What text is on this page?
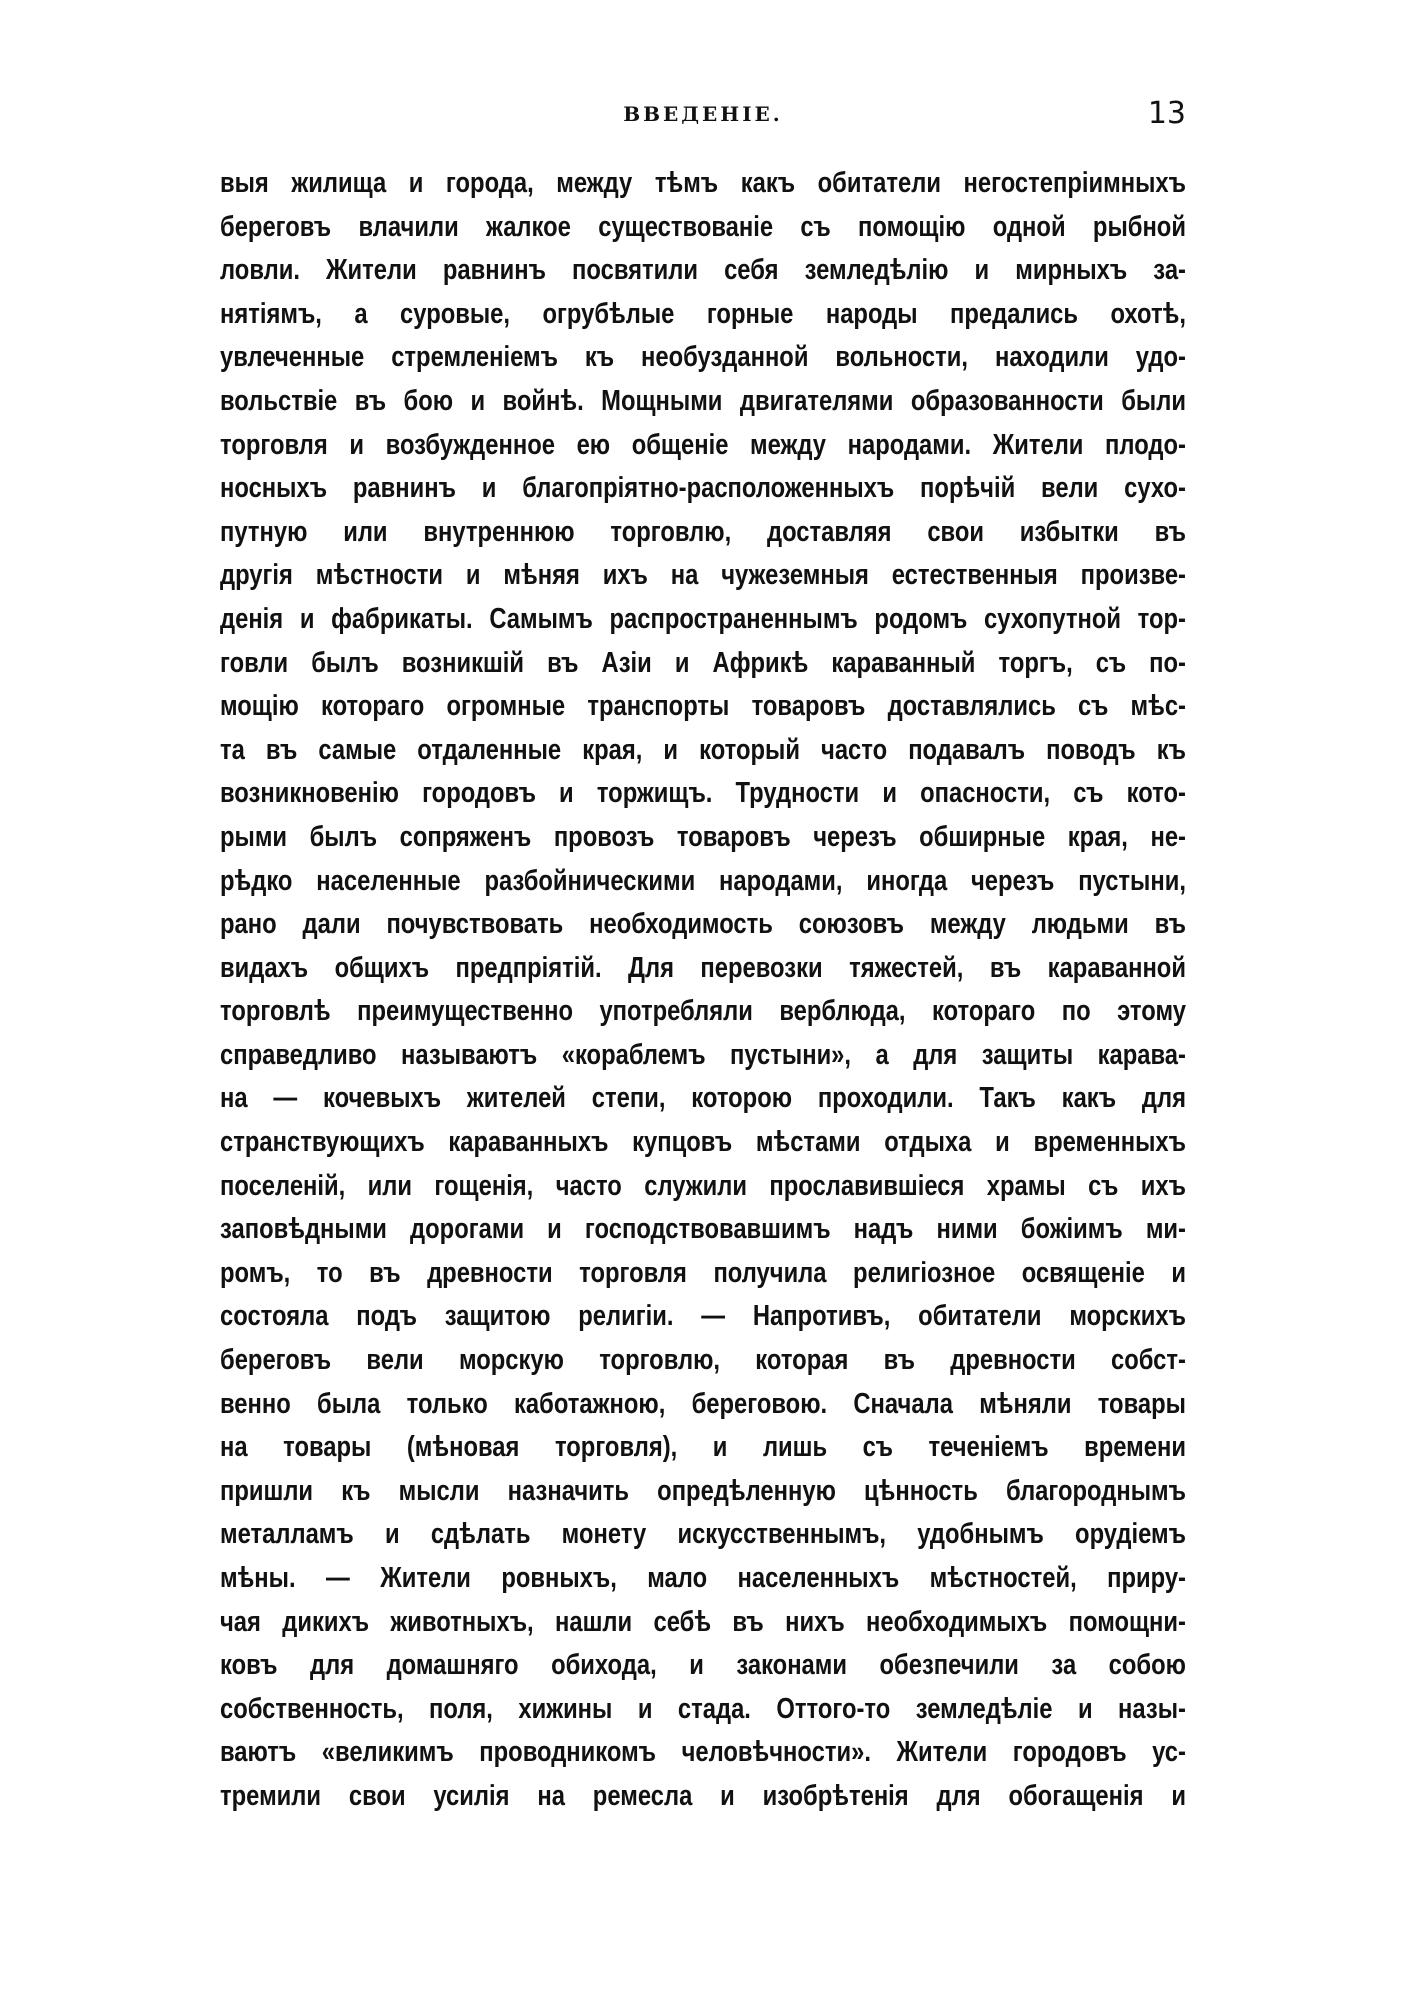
ВВЕДЕНІЕ.	13
выя жилища и города, между тѣмъ какъ обитатели негостепріимныхъ
береговъ влачили жалкое существованіе съ помощію одной рыбной
ловли. Жители равнинъ посвятили себя земледѣлію и мирныхъ за-
нятіямъ, а суровые, огрубѣлые горные народы предались охотѣ,
увлеченные стремленіемъ къ необузданной вольности, находили удо-
вольствіе въ бою и войнѣ. Мощными двигателями образованности были
торговля и возбужденное ею общеніе между народами. Жители плодо-
носныхъ равнинъ и благопріятно-расположенныхъ порѣчій вели сухо-
путную или внутреннюю торговлю, доставляя свои избытки въ
другія мѣстности и мѣняя ихъ на чужеземныя естественныя произве-
денія и фабрикаты. Самымъ распространеннымъ родомъ сухопутной тор-
говли былъ возникшій въ Азіи и Африкѣ караванный торгъ, съ по-
мощію котораго огромные транспорты товаровъ доставлялись съ мѣс-
та въ самые отдаленные края, и который часто подавалъ поводъ къ
возникновенію городовъ и торжищъ. Трудности и опасности, съ кото-
рыми былъ сопряженъ провозъ товаровъ черезъ обширные края, не-
рѣдко населенные разбойническими народами, иногда черезъ пустыни,
рано дали почувствовать необходимость союзовъ между людьми въ
видахъ общихъ предпріятій. Для перевозки тяжестей, въ караванной
торговлѣ преимущественно употребляли верблюда, котораго по этому
справедливо называютъ «кораблемъ пустыни», а для защиты карава-
на — кочевыхъ жителей степи, которою проходили. Такъ какъ для
странствующихъ караванныхъ купцовъ мѣстами отдыха и временныхъ
поселеній, или гощенія, часто служили прославившіеся храмы съ ихъ
заповѣдными дорогами и господствовавшимъ надъ ними божіимъ ми-
ромъ, то въ древности торговля получила религіозное освященіе и
состояла подъ защитою религіи. — Напротивъ, обитатели морскихъ
береговъ вели морскую торговлю, которая въ древности собст-
венно была только каботажною, береговою. Сначала мѣняли товары
на товары (мѣновая торговля), и лишь съ теченіемъ времени
пришли къ мысли назначить опредѣленную цѣнность благороднымъ
металламъ и сдѣлать монету искусственнымъ, удобнымъ орудіемъ
мѣны. — Жители ровныхъ, мало населенныхъ мѣстностей, приру-
чая дикихъ животныхъ, нашли себѣ въ нихъ необходимыхъ помощни-
ковъ для домашняго обихода, и законами обезпечили за собою
собственность, поля, хижины и стада. Оттого-то земледѣліе и назы-
ваютъ «великимъ проводникомъ человѣчности». Жители городовъ ус-
тремили свои усилія на ремесла и изобрѣтенія для обогащенія и
